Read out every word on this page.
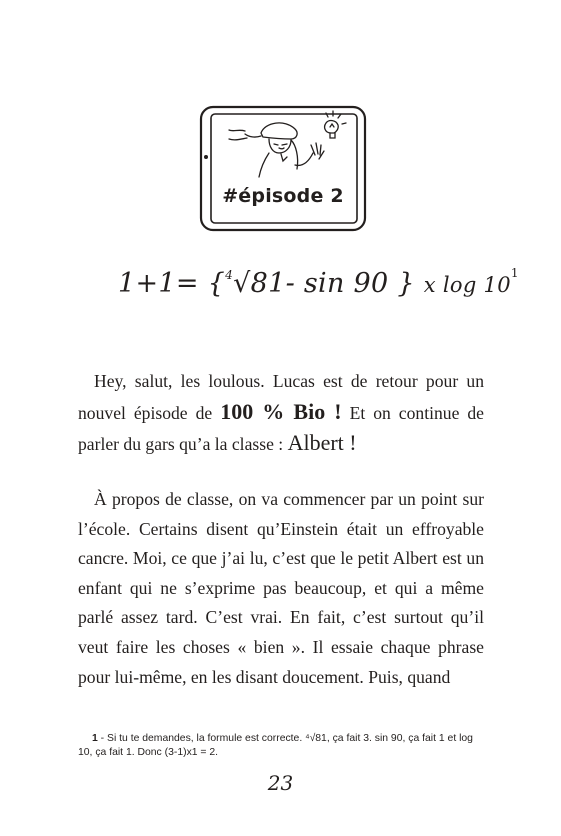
#épisode 2
1+1= {$^4$√81- sin 90 } x $\log 10^1$

Hey, salut, les loulous. Lucas est de retour pour un nouvel épisode de 100 % Bio ! Et on continue de parler du gars qu’a la classe : Albert !

À propos de classe, on va commencer par un point sur l’école. Certains disent qu’Einstein était un effroyable cancre. Moi, ce que j’ai lu, c’est que le petit Albert est un enfant qui ne s’exprime pas beaucoup, et qui a même parlé assez tard. C’est vrai. En fait, c’est surtout qu’il veut faire les choses « bien ». Il essaie chaque phrase pour lui-même, en les disant doucement. Puis, quand

1 - Si tu te demandes, la formule est correcte. ⁴√81, ça fait 3. sin 90, ça fait 1 et log 10, ça fait 1. Donc (3-1)x1 = 2.

23
